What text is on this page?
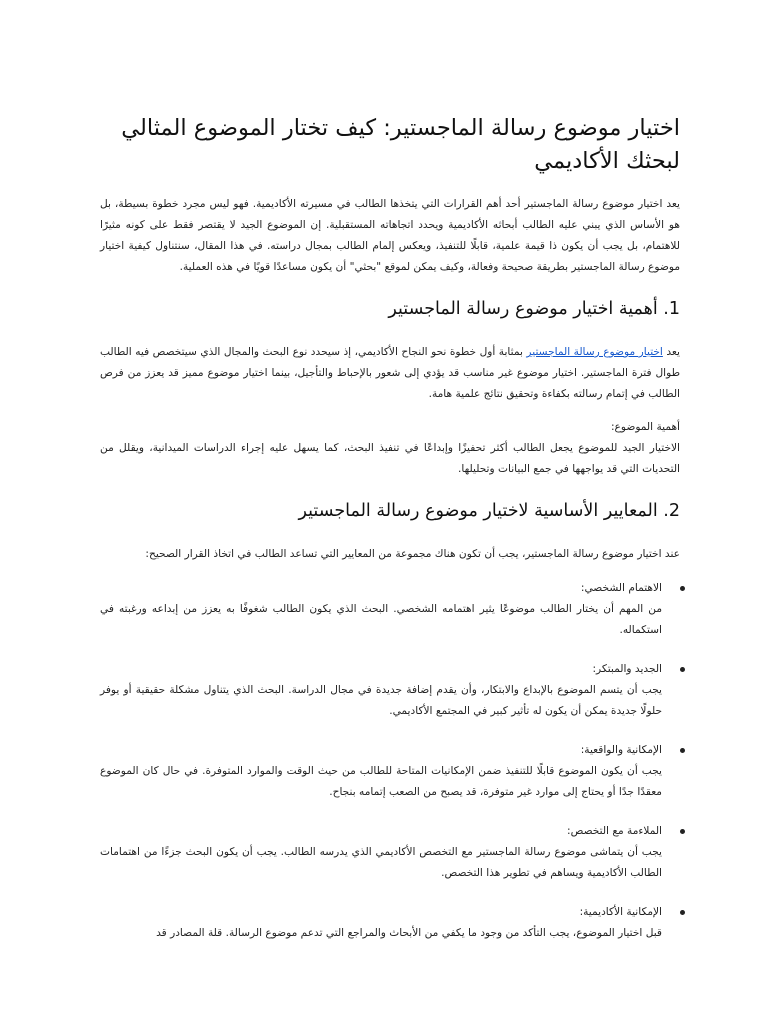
اختيار موضوع رسالة الماجستير: كيف تختار الموضوع المثالي لبحثك الأكاديمي

يعد اختيار موضوع رسالة الماجستير أحد أهم القرارات التي يتخذها الطالب في مسيرته الأكاديمية. فهو ليس مجرد خطوة بسيطة، بل هو الأساس الذي يبني عليه الطالب أبحاثه الأكاديمية ويحدد اتجاهاته المستقبلية. إن الموضوع الجيد لا يقتصر فقط على كونه مثيرًا للاهتمام، بل يجب أن يكون ذا قيمة علمية، قابلًا للتنفيذ، ويعكس إلمام الطالب بمجال دراسته. في هذا المقال، سنتناول كيفية اختيار موضوع رسالة الماجستير بطريقة صحيحة وفعالة، وكيف يمكن لموقع "بحثي" أن يكون مساعدًا قويًا في هذه العملية.

1. أهمية اختيار موضوع رسالة الماجستير

يعد اختيار موضوع رسالة الماجستير بمثابة أول خطوة نحو النجاح الأكاديمي، إذ سيحدد نوع البحث والمجال الذي سيتخصص فيه الطالب طوال فترة الماجستير. اختيار موضوع غير مناسب قد يؤدي إلى شعور بالإحباط والتأجيل، بينما اختيار موضوع مميز قد يعزز من فرص الطالب في إتمام رسالته بكفاءة وتحقيق نتائج علمية هامة.

أهمية الموضوع:

الاختيار الجيد للموضوع يجعل الطالب أكثر تحفيزًا وإبداعًا في تنفيذ البحث، كما يسهل عليه إجراء الدراسات الميدانية، ويقلل من التحديات التي قد يواجهها في جمع البيانات وتحليلها.

2. المعايير الأساسية لاختيار موضوع رسالة الماجستير

عند اختيار موضوع رسالة الماجستير، يجب أن تكون هناك مجموعة من المعايير التي تساعد الطالب في اتخاذ القرار الصحيح:

الاهتمام الشخصي:

من المهم أن يختار الطالب موضوعًا يثير اهتمامه الشخصي. البحث الذي يكون الطالب شغوفًا به يعزز من إبداعه ورغبته في استكماله.

الجديد والمبتكر:

يجب أن يتسم الموضوع بالإبداع والابتكار، وأن يقدم إضافة جديدة في مجال الدراسة. البحث الذي يتناول مشكلة حقيقية أو يوفر حلولًا جديدة يمكن أن يكون له تأثير كبير في المجتمع الأكاديمي.

الإمكانية والواقعية:

يجب أن يكون الموضوع قابلًا للتنفيذ ضمن الإمكانيات المتاحة للطالب من حيث الوقت والموارد المتوفرة. في حال كان الموضوع معقدًا جدًا أو يحتاج إلى موارد غير متوفرة، قد يصبح من الصعب إتمامه بنجاح.

الملاءمة مع التخصص:

يجب أن يتماشى موضوع رسالة الماجستير مع التخصص الأكاديمي الذي يدرسه الطالب. يجب أن يكون البحث جزءًا من اهتمامات الطالب الأكاديمية ويساهم في تطوير هذا التخصص.

الإمكانية الأكاديمية:

قبل اختيار الموضوع، يجب التأكد من وجود ما يكفي من الأبحاث والمراجع التي تدعم موضوع الرسالة. قلة المصادر قد
